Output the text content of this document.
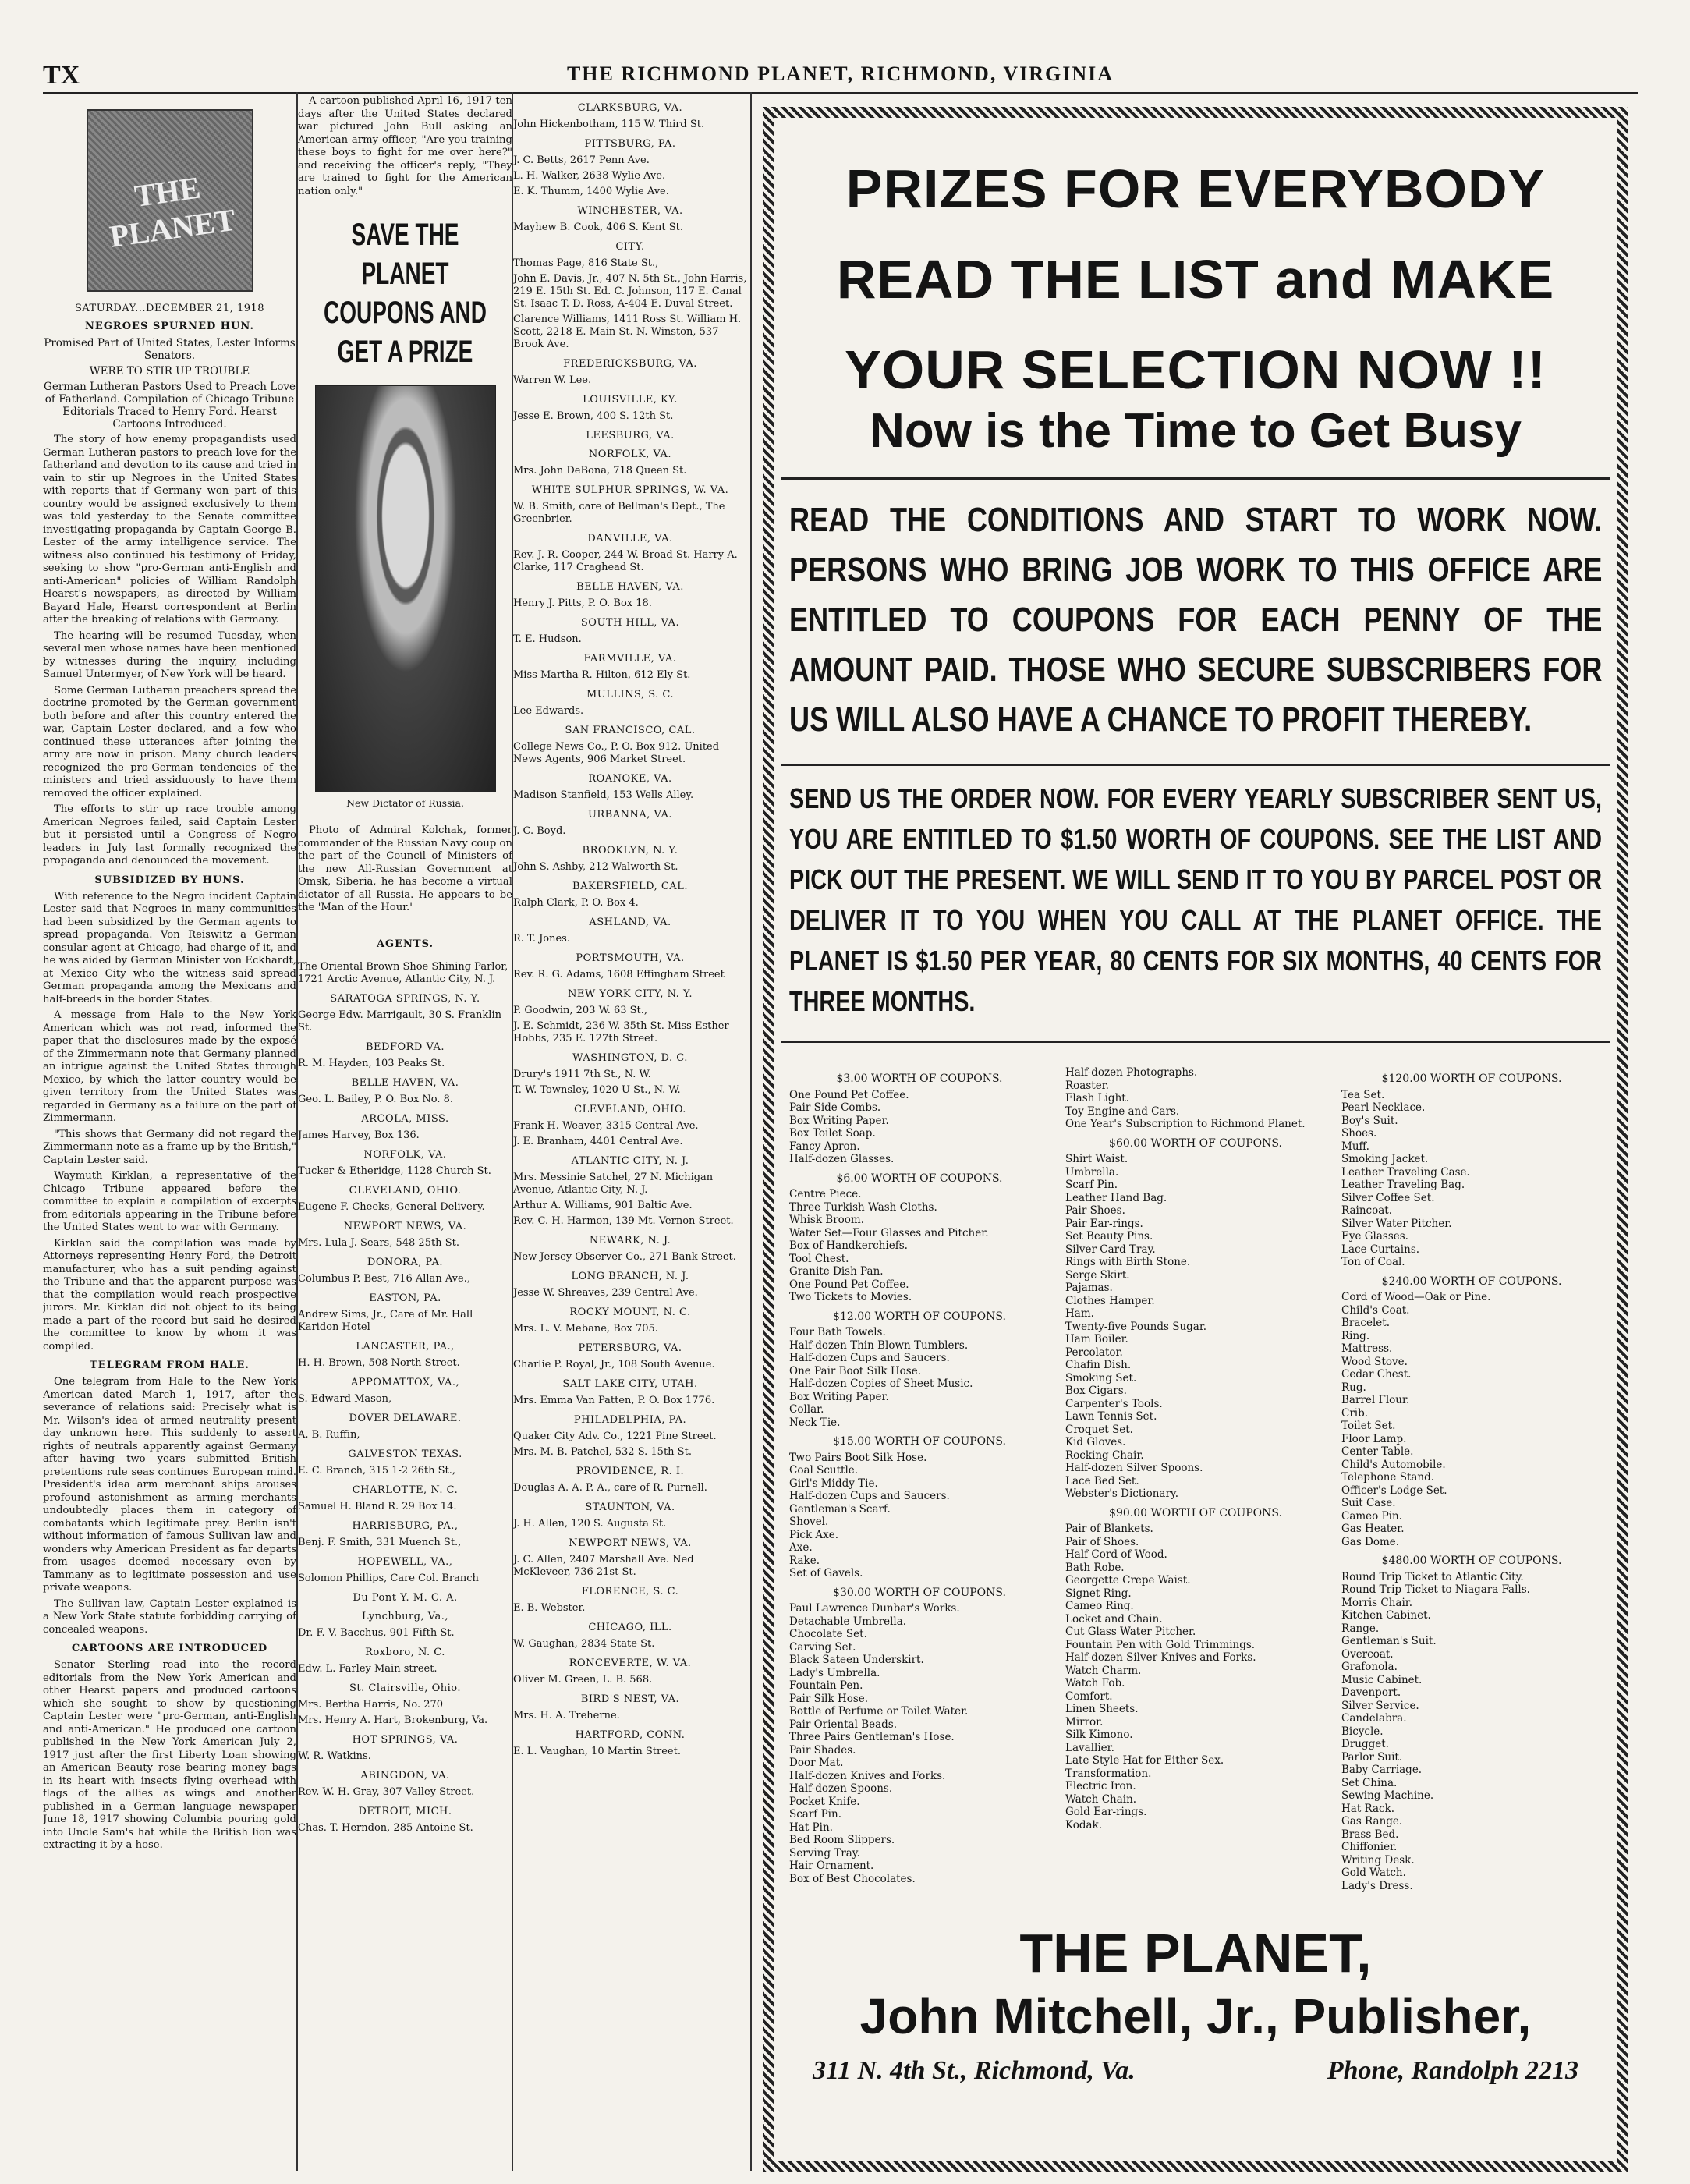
TX	THE RICHMOND PLANET, RICHMOND, VIRGINIA
THE PLANET
SATURDAY...DECEMBER 21, 1918
NEGROES SPURNED HUN.
Promised Part of United States, Lester Informs Senators.
WERE TO STIR UP TROUBLE
German Lutheran Pastors Used to Preach Love of Fatherland. Compilation of Chicago Tribune Editorials Traced to Henry Ford. Hearst Cartoons Introduced.

The story of how enemy propagandists used German Lutheran pastors to preach love for the fatherland and devotion to its cause and tried in vain to stir up Negroes in the United States with reports that if Germany won part of this country would be assigned exclusively to them was told yesterday to the Senate committee investigating propaganda by Captain George B. Lester of the army intelligence service. The witness also continued his testimony of Friday, seeking to show "pro-German anti-English and anti-American" policies of William Randolph Hearst's newspapers, as directed by William Bayard Hale, Hearst correspondent at Berlin after the breaking of relations with Germany.

The hearing will be resumed Tuesday, when several men whose names have been mentioned by witnesses during the inquiry, including Samuel Untermyer, of New York will be heard.

Some German Lutheran preachers spread the doctrine promoted by the German government both before and after this country entered the war, Captain Lester declared, and a few who continued these utterances after joining the army are now in prison. Many church leaders recognized the pro-German tendencies of the ministers and tried assiduously to have them removed the officer explained.

The efforts to stir up race trouble among American Negroes failed, said Captain Lester but it persisted until a Congress of Negro leaders in July last formally recognized the propaganda and denounced the movement.

SUBSIDIZED BY HUNS.

With reference to the Negro incident Captain Lester said that Negroes in many communities had been subsidized by the German agents to spread propaganda. Von Reiswitz a German consular agent at Chicago, had charge of it, and he was aided by German Minister von Eckhardt, at Mexico City who the witness said spread German propaganda among the Mexicans and half-breeds in the border States.

A message from Hale to the New York American which was not read, informed the paper that the disclosures made by the exposé of the Zimmermann note that Germany planned an intrigue against the United States through Mexico, by which the latter country would be given territory from the United States was regarded in Germany as a failure on the part of Zimmermann.

"This shows that Germany did not regard the Zimmermann note as a frame-up by the British," Captain Lester said.

Waymuth Kirklan, a representative of the Chicago Tribune appeared before the committee to explain a compilation of excerpts from editorials appearing in the Tribune before the United States went to war with Germany.

Kirklan said the compilation was made by Attorneys representing Henry Ford, the Detroit manufacturer, who has a suit pending against the Tribune and that the apparent purpose was that the compilation would reach prospective jurors. Mr. Kirklan did not object to its being made a part of the record but said he desired the committee to know by whom it was compiled.

TELEGRAM FROM HALE.

One telegram from Hale to the New York American dated March 1, 1917, after the severance of relations said: Precisely what is Mr. Wilson's idea of armed neutrality present day unknown here. This suddenly to assert rights of neutrals apparently against Germany after having two years submitted British pretentions rule seas continues European mind. President's idea arm merchant ships arouses profound astonishment as arming merchants undoubtedly places them in category of combatants which legitimate prey. Berlin isn't without information of famous Sullivan law and wonders why American President as far departs from usages deemed necessary even by Tammany as to legitimate possession and use private weapons.

The Sullivan law, Captain Lester explained is a New York State statute forbidding carrying of concealed weapons.

CARTOONS ARE INTRODUCED

Senator Sterling read into the record editorials from the New York American and other Hearst papers and produced cartoons which she sought to show by questioning Captain Lester were "pro-German, anti-English and anti-American." He produced one cartoon published in the New York American July 2, 1917 just after the first Liberty Loan showing an American Beauty rose bearing money bags in its heart with insects flying overhead with flags of the allies as wings and another published in a German language newspaper June 18, 1917 showing Columbia pouring gold into Uncle Sam's hat while the British lion was extracting it by a hose.

A cartoon published April 16, 1917 ten days after the United States declared war pictured John Bull asking an American army officer, "Are you training these boys to fight for me over here?" and receiving the officer's reply, "They are trained to fight for the American nation only."

SAVE THE PLANET COUPONS AND GET A PRIZE
New Dictator of Russia.

Photo of Admiral Kolchak, former commander of the Russian Navy coup on the part of the Council of Ministers of the new All-Russian Government at Omsk, Siberia, he has become a virtual dictator of all Russia. He appears to be the 'Man of the Hour.'

AGENTS.
The Oriental Brown Shoe Shining Parlor, 1721 Arctic Avenue, Atlantic City, N. J.
SARATOGA SPRINGS, N. Y.
George Edw. Marrigault, 30 S. Franklin St.
BEDFORD VA.
R. M. Hayden, 103 Peaks St.
BELLE HAVEN, VA.
Geo. L. Bailey, P. O. Box No. 8.
ARCOLA, MISS.
James Harvey, Box 136.
NORFOLK, VA.
Tucker & Etheridge, 1128 Church St.
CLEVELAND, OHIO.
Eugene F. Cheeks, General Delivery.
NEWPORT NEWS, VA.
Mrs. Lula J. Sears, 548 25th St.
DONORA, PA.
Columbus P. Best, 716 Allan Ave.,
EASTON, PA.
Andrew Sims, Jr., Care of Mr. Hall Karidon Hotel
LANCASTER, PA.,
H. H. Brown, 508 North Street.
APPOMATTOX, VA.,
S. Edward Mason,
DOVER DELAWARE.
A. B. Ruffin,
GALVESTON TEXAS.
E. C. Branch, 315 1-2 26th St.,
CHARLOTTE, N. C.
Samuel H. Bland R. 29 Box 14.
HARRISBURG, PA.,
Benj. F. Smith, 331 Muench St.,
HOPEWELL, VA.,
Solomon Phillips, Care Col. Branch
Du Pont Y. M. C. A.
Lynchburg, Va.,
Dr. F. V. Bacchus, 901 Fifth St.
Roxboro, N. C.
Edw. L. Farley Main street.
St. Clairsville, Ohio.
Mrs. Bertha Harris, No. 270
Mrs. Henry A. Hart, Brokenburg, Va.
HOT SPRINGS, VA.
W. R. Watkins.
ABINGDON, VA.
Rev. W. H. Gray, 307 Valley Street.
DETROIT, MICH.
Chas. T. Herndon, 285 Antoine St.
CLARKSBURG, VA.
John Hickenbotham, 115 W. Third St.
PITTSBURG, PA.
J. C. Betts, 2617 Penn Ave.
L. H. Walker, 2638 Wylie Ave.
E. K. Thumm, 1400 Wylie Ave.
WINCHESTER, VA.
Mayhew B. Cook, 406 S. Kent St.
CITY.
Thomas Page, 816 State St.,
John E. Davis, Jr., 407 N. 5th St., John Harris, 219 E. 15th St. Ed. C. Johnson, 117 E. Canal St. Isaac T. D. Ross, A-404 E. Duval Street.
Clarence Williams, 1411 Ross St. William H. Scott, 2218 E. Main St. N. Winston, 537 Brook Ave.
FREDERICKSBURG, VA.
Warren W. Lee.
LOUISVILLE, KY.
Jesse E. Brown, 400 S. 12th St.
LEESBURG, VA.
NORFOLK, VA.
Mrs. John DeBona, 718 Queen St.
WHITE SULPHUR SPRINGS, W. VA.
W. B. Smith, care of Bellman's Dept., The Greenbrier.
DANVILLE, VA.
Rev. J. R. Cooper, 244 W. Broad St. Harry A. Clarke, 117 Craghead St.
BELLE HAVEN, VA.
Henry J. Pitts, P. O. Box 18.
SOUTH HILL, VA.
T. E. Hudson.
FARMVILLE, VA.
Miss Martha R. Hilton, 612 Ely St.
MULLINS, S. C.
Lee Edwards.
SAN FRANCISCO, CAL.
College News Co., P. O. Box 912. United News Agents, 906 Market Street.
ROANOKE, VA.
Madison Stanfield, 153 Wells Alley.
URBANNA, VA.
J. C. Boyd.
BROOKLYN, N. Y.
John S. Ashby, 212 Walworth St.
BAKERSFIELD, CAL.
Ralph Clark, P. O. Box 4.
ASHLAND, VA.
R. T. Jones.
PORTSMOUTH, VA.
Rev. R. G. Adams, 1608 Effingham Street
NEW YORK CITY, N. Y.
P. Goodwin, 203 W. 63 St.,
J. E. Schmidt, 236 W. 35th St. Miss Esther Hobbs, 235 E. 127th Street.
WASHINGTON, D. C.
Drury's 1911 7th St., N. W.
T. W. Townsley, 1020 U St., N. W.
CLEVELAND, OHIO.
Frank H. Weaver, 3315 Central Ave.
J. E. Branham, 4401 Central Ave.
ATLANTIC CITY, N. J.
Mrs. Messinie Satchel, 27 N. Michigan Avenue, Atlantic City, N. J.
Arthur A. Williams, 901 Baltic Ave.
Rev. C. H. Harmon, 139 Mt. Vernon Street.
NEWARK, N. J.
New Jersey Observer Co., 271 Bank Street.
LONG BRANCH, N. J.
Jesse W. Shreaves, 239 Central Ave.
ROCKY MOUNT, N. C.
Mrs. L. V. Mebane, Box 705.
PETERSBURG, VA.
Charlie P. Royal, Jr., 108 South Avenue.
SALT LAKE CITY, UTAH.
Mrs. Emma Van Patten, P. O. Box 1776.
PHILADELPHIA, PA.
Quaker City Adv. Co., 1221 Pine Street.
Mrs. M. B. Patchel, 532 S. 15th St.
PROVIDENCE, R. I.
Douglas A. A. P. A., care of R. Purnell.
STAUNTON, VA.
J. H. Allen, 120 S. Augusta St.
NEWPORT NEWS, VA.
J. C. Allen, 2407 Marshall Ave. Ned McKleveer, 736 21st St.
FLORENCE, S. C.
E. B. Webster.
CHICAGO, ILL.
W. Gaughan, 2834 State St.
RONCEVERTE, W. VA.
Oliver M. Green, L. B. 568.
BIRD'S NEST, VA.
Mrs. H. A. Treherne.
HARTFORD, CONN.
E. L. Vaughan, 10 Martin Street.
PRIZES FOR EVERYBODY
READ THE LIST and MAKE
YOUR SELECTION NOW !!
Now is the Time to Get Busy
READ THE CONDITIONS AND START TO WORK NOW. PERSONS WHO BRING JOB WORK TO THIS OFFICE ARE ENTITLED TO COUPONS FOR EACH PENNY OF THE AMOUNT PAID. THOSE WHO SECURE SUBSCRIBERS FOR US WILL ALSO HAVE A CHANCE TO PROFIT THEREBY.
SEND US THE ORDER NOW. FOR EVERY YEARLY SUBSCRIBER SENT US, YOU ARE ENTITLED TO $1.50 WORTH OF COUPONS. SEE THE LIST AND PICK OUT THE PRESENT. WE WILL SEND IT TO YOU BY PARCEL POST OR DELIVER IT TO YOU WHEN YOU CALL AT THE PLANET OFFICE. THE PLANET IS $1.50 PER YEAR, 80 CENTS FOR SIX MONTHS, 40 CENTS FOR THREE MONTHS.
$3.00 WORTH OF COUPONS.
One Pound Pet Coffee.
Pair Side Combs.
Box Writing Paper.
Box Toilet Soap.
Fancy Apron.
Half-dozen Glasses.
$6.00 WORTH OF COUPONS.
Centre Piece.
Three Turkish Wash Cloths.
Whisk Broom.
Water Set—Four Glasses and Pitcher.
Box of Handkerchiefs.
Tool Chest.
Granite Dish Pan.
One Pound Pet Coffee.
Two Tickets to Movies.
$12.00 WORTH OF COUPONS.
Four Bath Towels.
Half-dozen Thin Blown Tumblers.
Half-dozen Cups and Saucers.
One Pair Boot Silk Hose.
Half-dozen Copies of Sheet Music.
Box Writing Paper.
Collar.
Neck Tie.
$15.00 WORTH OF COUPONS.
Two Pairs Boot Silk Hose.
Coal Scuttle.
Girl's Middy Tie.
Half-dozen Cups and Saucers.
Gentleman's Scarf.
Shovel.
Pick Axe.
Axe.
Rake.
Set of Gavels.
$30.00 WORTH OF COUPONS.
Paul Lawrence Dunbar's Works.
Detachable Umbrella.
Chocolate Set.
Carving Set.
Black Sateen Underskirt.
Lady's Umbrella.
Fountain Pen.
Pair Silk Hose.
Bottle of Perfume or Toilet Water.
Pair Oriental Beads.
Three Pairs Gentleman's Hose.
Pair Shades.
Door Mat.
Half-dozen Knives and Forks.
Half-dozen Spoons.
Pocket Knife.
Scarf Pin.
Hat Pin.
Bed Room Slippers.
Serving Tray.
Hair Ornament.
Box of Best Chocolates.
Half-dozen Photographs.
Roaster.
Flash Light.
Toy Engine and Cars.
One Year's Subscription to Richmond Planet.
$60.00 WORTH OF COUPONS.
Shirt Waist.
Umbrella.
Scarf Pin.
Leather Hand Bag.
Pair Shoes.
Pair Ear-rings.
Set Beauty Pins.
Silver Card Tray.
Rings with Birth Stone.
Serge Skirt.
Pajamas.
Clothes Hamper.
Ham.
Twenty-five Pounds Sugar.
Ham Boiler.
Percolator.
Chafin Dish.
Smoking Set.
Box Cigars.
Carpenter's Tools.
Lawn Tennis Set.
Croquet Set.
Kid Gloves.
Rocking Chair.
Half-dozen Silver Spoons.
Lace Bed Set.
Webster's Dictionary.
$90.00 WORTH OF COUPONS.
Pair of Blankets.
Pair of Shoes.
Half Cord of Wood.
Bath Robe.
Georgette Crepe Waist.
Signet Ring.
Cameo Ring.
Locket and Chain.
Cut Glass Water Pitcher.
Fountain Pen with Gold Trimmings.
Half-dozen Silver Knives and Forks.
Watch Charm.
Watch Fob.
Comfort.
Linen Sheets.
Mirror.
Silk Kimono.
Lavallier.
Late Style Hat for Either Sex.
Transformation.
Electric Iron.
Watch Chain.
Gold Ear-rings.
Kodak.
$120.00 WORTH OF COUPONS.
Tea Set.
Pearl Necklace.
Boy's Suit.
Shoes.
Muff.
Smoking Jacket.
Leather Traveling Case.
Leather Traveling Bag.
Silver Coffee Set.
Raincoat.
Silver Water Pitcher.
Eye Glasses.
Lace Curtains.
Ton of Coal.
$240.00 WORTH OF COUPONS.
Cord of Wood—Oak or Pine.
Child's Coat.
Bracelet.
Ring.
Mattress.
Wood Stove.
Cedar Chest.
Rug.
Barrel Flour.
Crib.
Toilet Set.
Floor Lamp.
Center Table.
Child's Automobile.
Telephone Stand.
Officer's Lodge Set.
Suit Case.
Cameo Pin.
Gas Heater.
Gas Dome.
$480.00 WORTH OF COUPONS.
Round Trip Ticket to Atlantic City.
Round Trip Ticket to Niagara Falls.
Morris Chair.
Kitchen Cabinet.
Range.
Gentleman's Suit.
Overcoat.
Grafonola.
Music Cabinet.
Davenport.
Silver Service.
Candelabra.
Bicycle.
Drugget.
Parlor Suit.
Baby Carriage.
Set China.
Sewing Machine.
Hat Rack.
Gas Range.
Brass Bed.
Chiffonier.
Writing Desk.
Gold Watch.
Lady's Dress.
THE PLANET,
John Mitchell, Jr., Publisher,
311 N. 4th St., Richmond, Va.	Phone, Randolph 2213
